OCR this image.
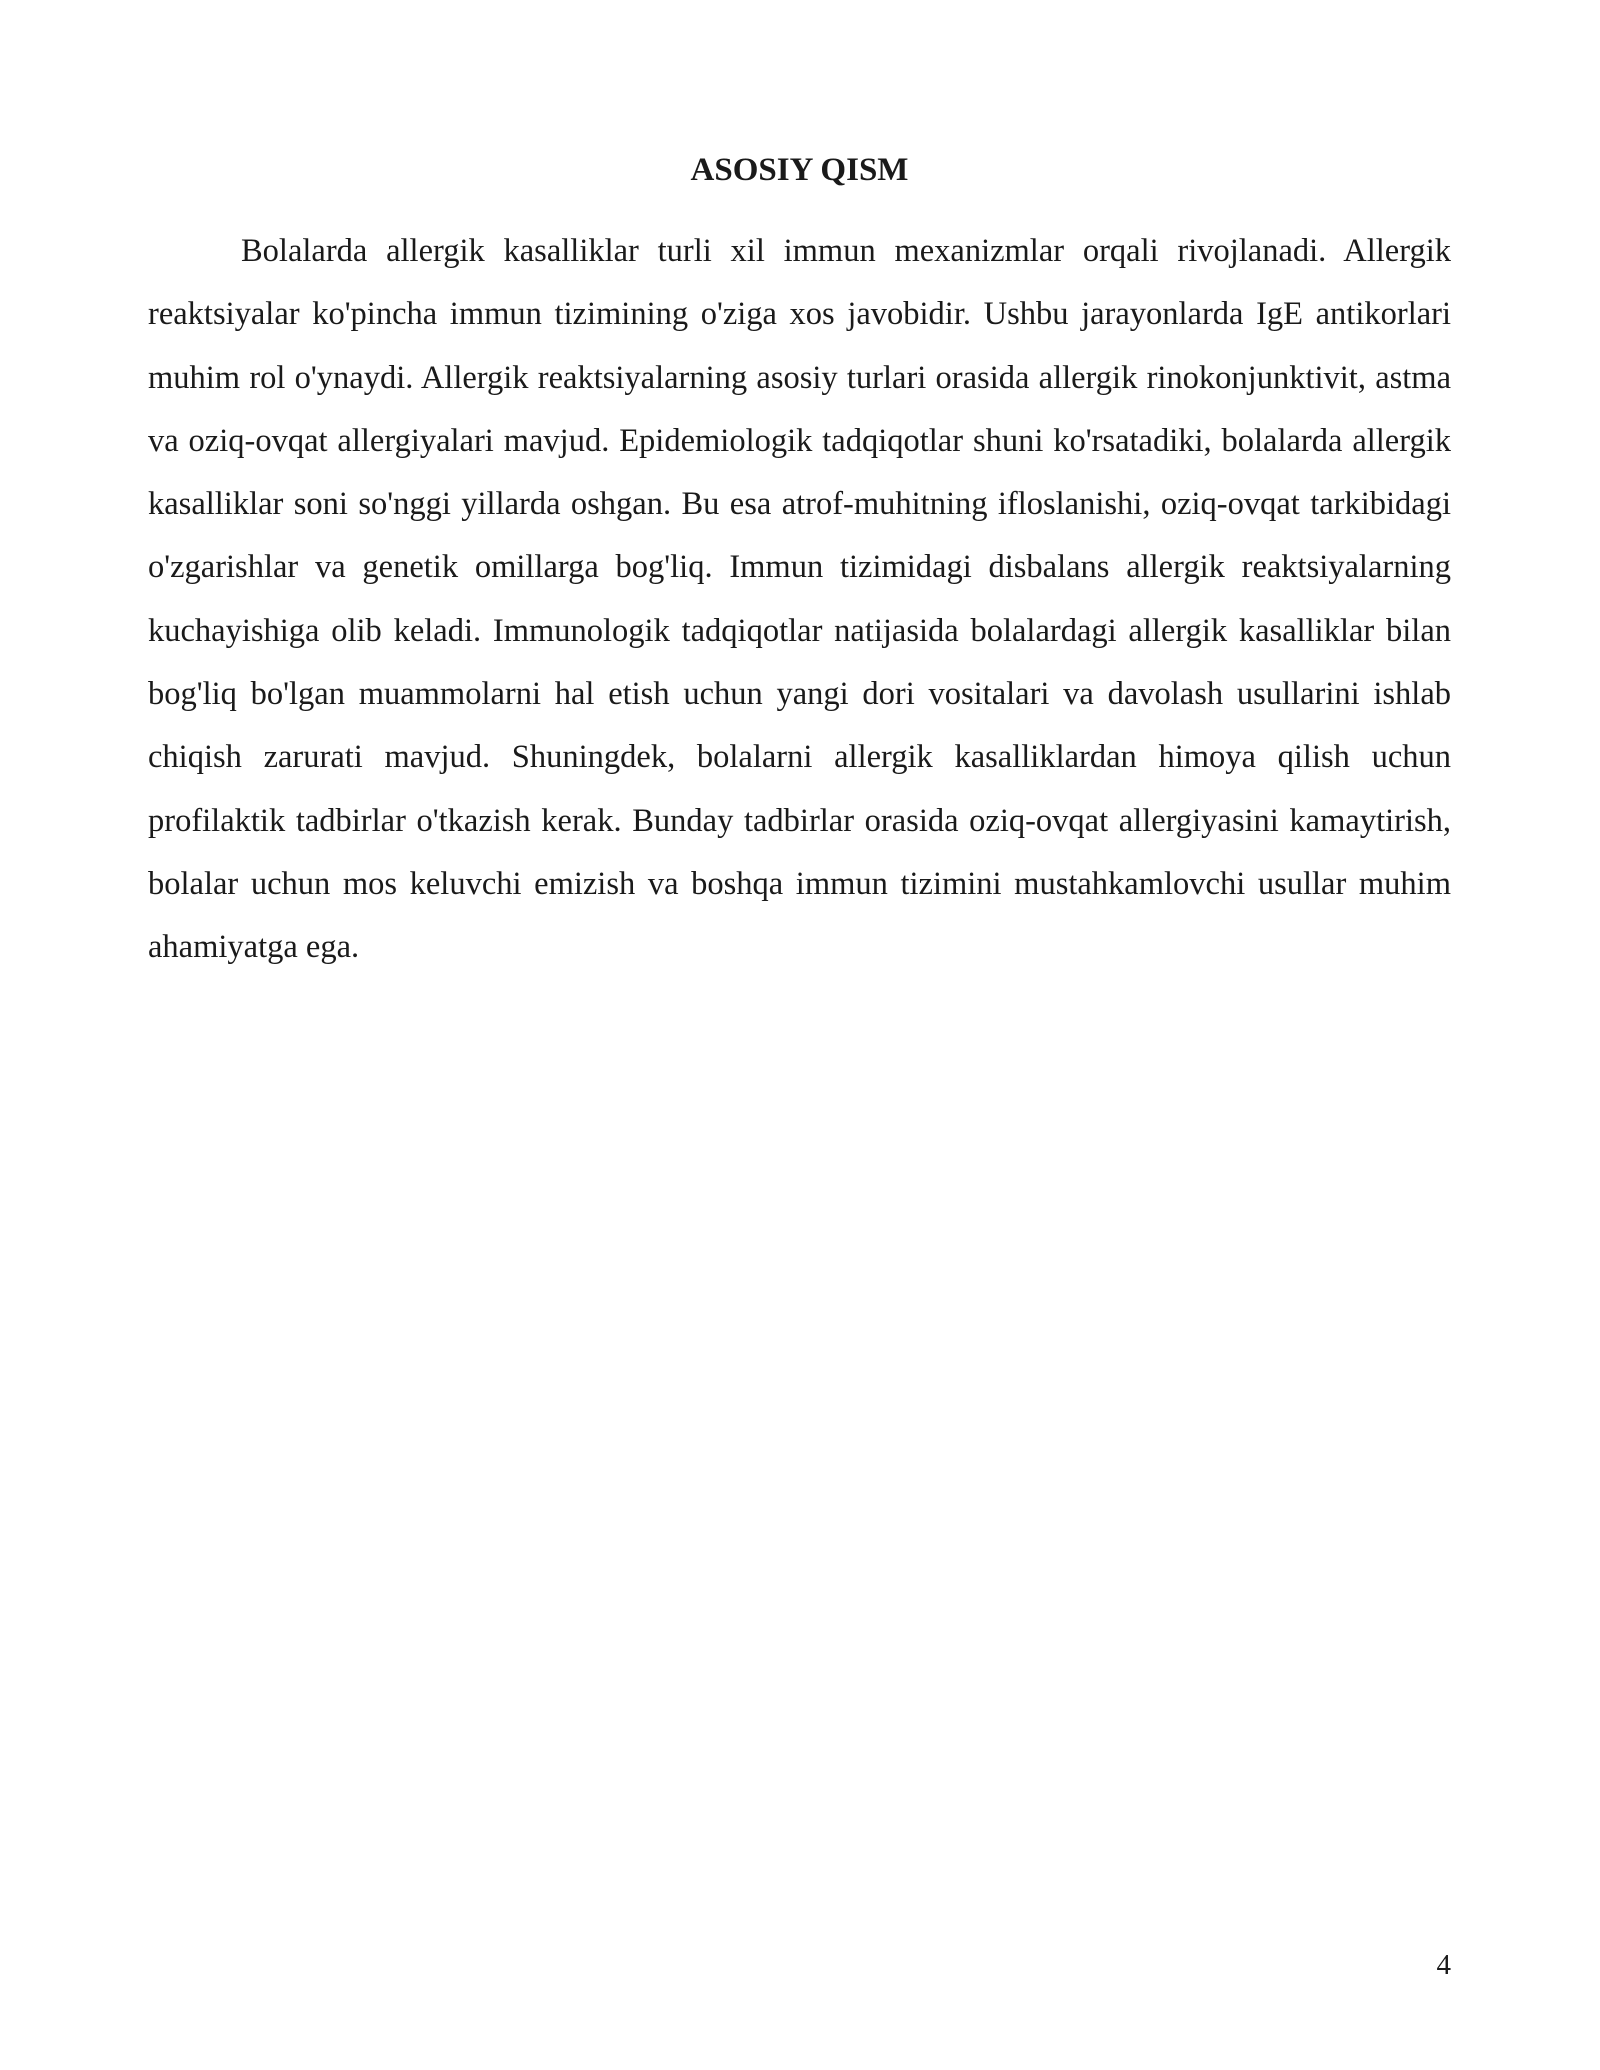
ASOSIY QISM

Bolalarda allergik kasalliklar turli xil immun mexanizmlar orqali rivojlanadi. Allergik reaktsiyalar ko'pincha immun tizimining o'ziga xos javobidir. Ushbu jarayonlarda IgE antikorlari muhim rol o'ynaydi. Allergik reaktsiyalarning asosiy turlari orasida allergik rinokonjunktivit, astma va oziq-ovqat allergiyalari mavjud. Epidemiologik tadqiqotlar shuni ko'rsatadiki, bolalarda allergik kasalliklar soni so'nggi yillarda oshgan. Bu esa atrof-muhitning ifloslanishi, oziq-ovqat tarkibidagi o'zgarishlar va genetik omillarga bog'liq. Immun tizimidagi disbalans allergik reaktsiyalarning kuchayishiga olib keladi. Immunologik tadqiqotlar natijasida bolalardagi allergik kasalliklar bilan bog'liq bo'lgan muammolarni hal etish uchun yangi dori vositalari va davolash usullarini ishlab chiqish zarurati mavjud. Shuningdek, bolalarni allergik kasalliklardan himoya qilish uchun profilaktik tadbirlar o'tkazish kerak. Bunday tadbirlar orasida oziq-ovqat allergiyasini kamaytirish, bolalar uchun mos keluvchi emizish va boshqa immun tizimini mustahkamlovchi usullar muhim ahamiyatga ega.

4
